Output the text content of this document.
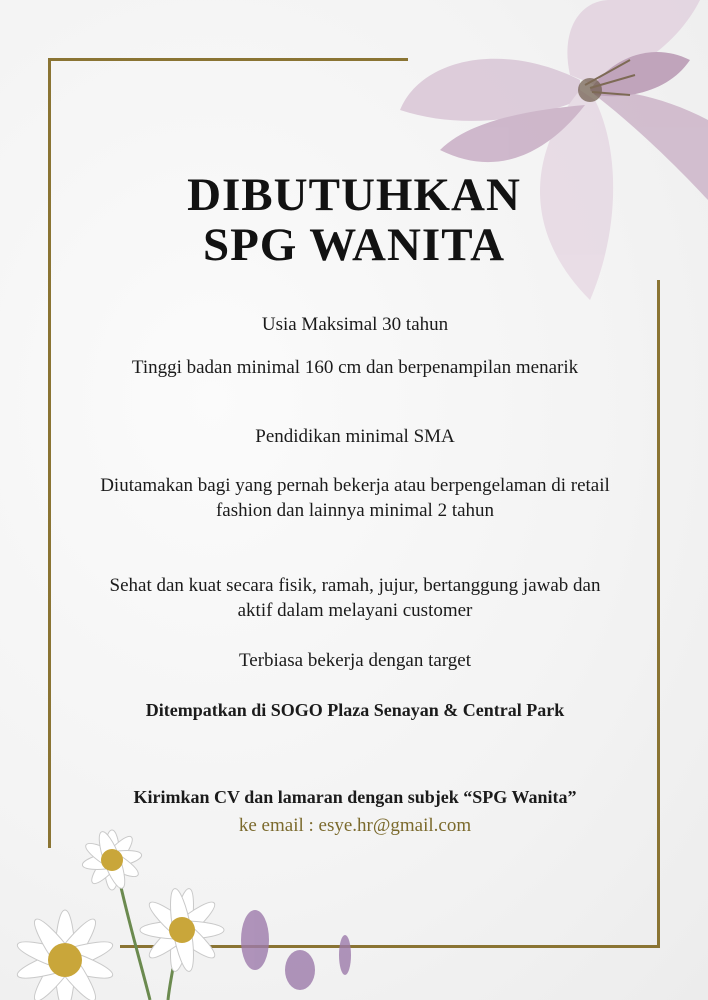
DIBUTUHKAN
SPG WANITA
Usia Maksimal 30 tahun
Tinggi badan minimal 160 cm dan berpenampilan menarik
Pendidikan minimal SMA
Diutamakan bagi yang pernah bekerja atau berpengelaman di retail fashion dan lainnya minimal 2 tahun
Sehat dan kuat secara fisik, ramah, jujur, bertanggung jawab dan aktif dalam melayani customer
Terbiasa bekerja dengan target
Ditempatkan di SOGO Plaza Senayan & Central Park
Kirimkan CV dan lamaran dengan subjek “SPG Wanita”
ke email : esye.hr@gmail.com
